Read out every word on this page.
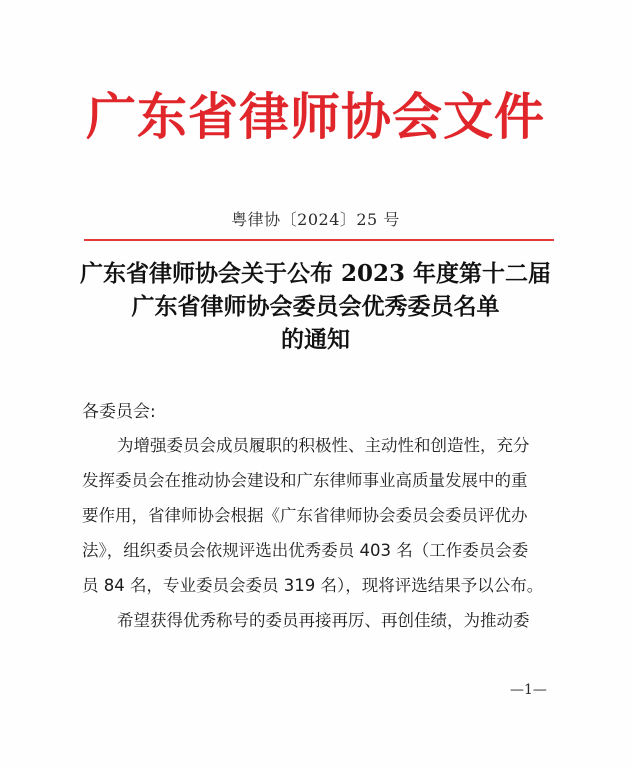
广东省律师协会文件
粤律协〔2024〕25 号
广东省律师协会关于公布 2023 年度第十二届
广东省律师协会委员会优秀委员名单
的通知
各委员会:
为增强委员会成员履职的积极性、主动性和创造性，充分
发挥委员会在推动协会建设和广东律师事业高质量发展中的重
要作用，省律师协会根据《广东省律师协会委员会委员评优办
法》，组织委员会依规评选出优秀委员 403 名（工作委员会委
员 84 名，专业委员会委员 319 名），现将评选结果予以公布。
希望获得优秀称号的委员再接再厉、再创佳绩，为推动委
—1—
